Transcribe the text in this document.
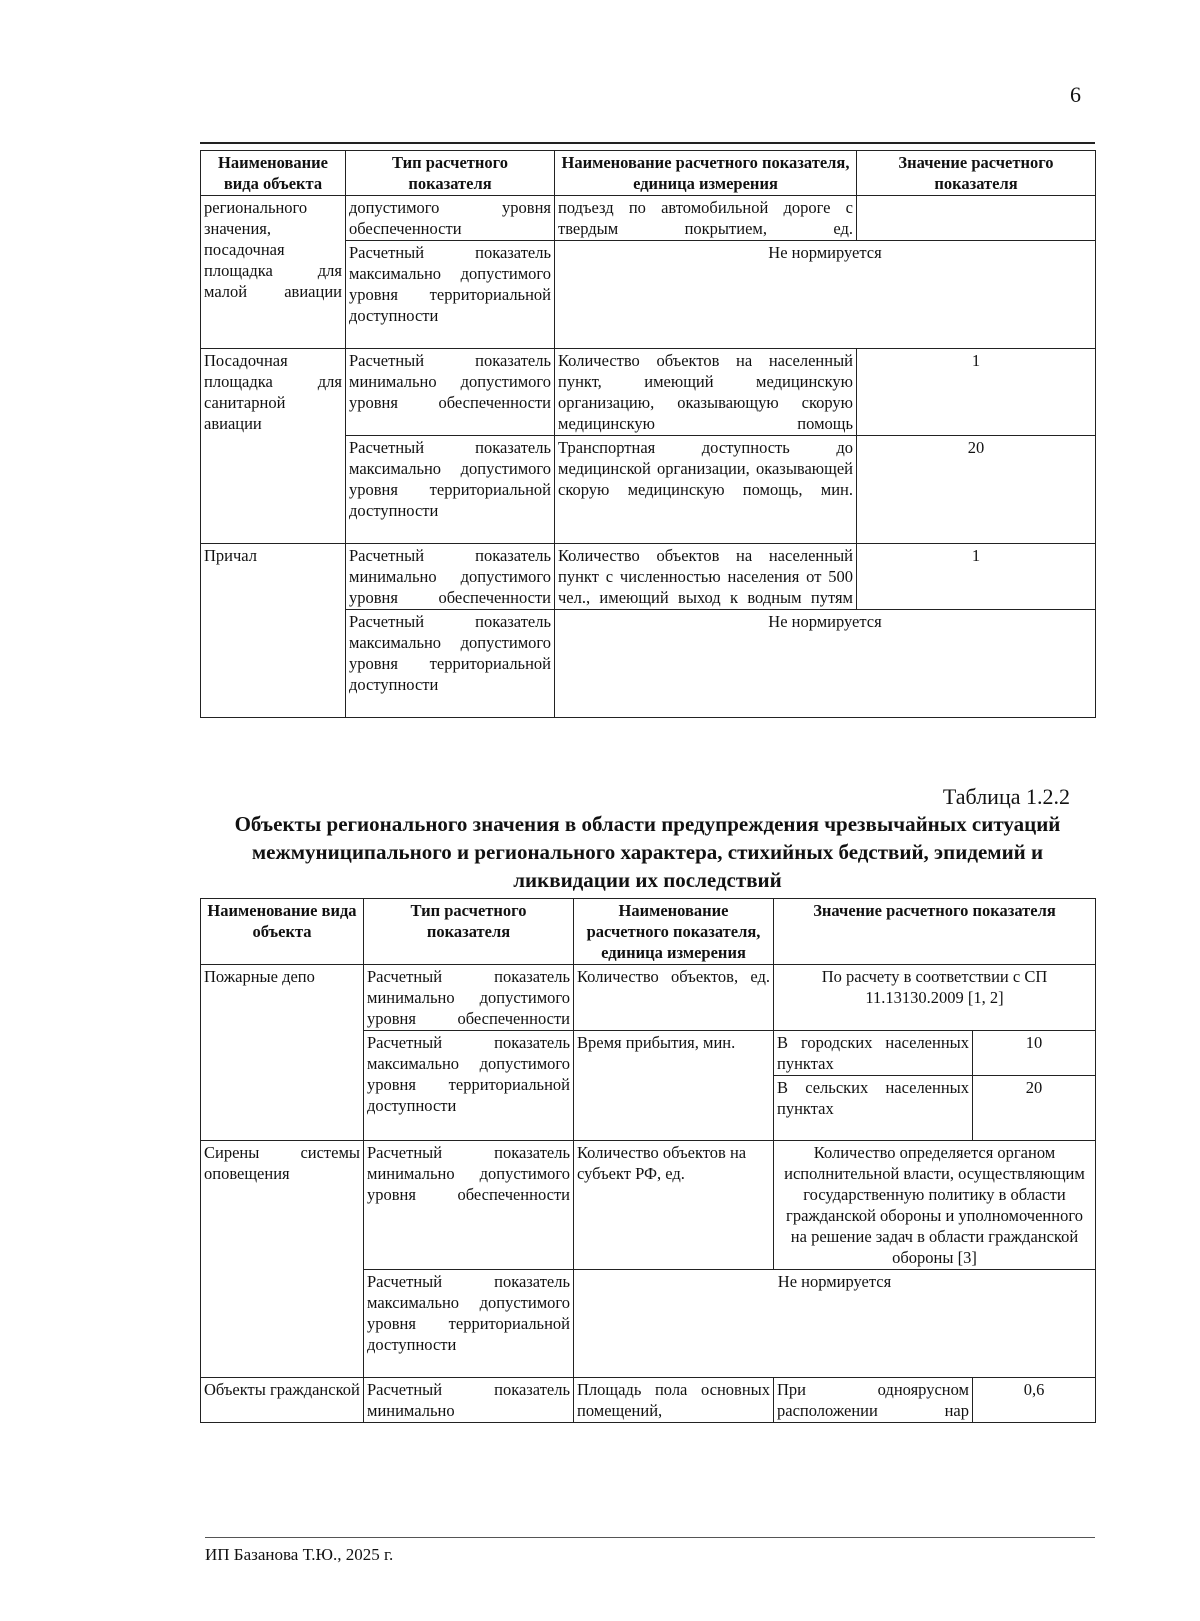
6
Наименование вида объекта	Тип расчетного показателя	Наименование расчетного показателя, единица измерения	Значение расчетного показателя
регионального значения, посадочная площадка для малой авиации	допустимого уровня обеспеченности	подъезд по автомобильной дороге с твердым покрытием, ед.	
	Расчетный показатель максимально допустимого уровня территориальной доступности	Не нормируется	
Посадочная площадка для санитарной авиации	Расчетный показатель минимально допустимого уровня обеспеченности	Количество объектов на населенный пункт, имеющий медицинскую организацию, оказывающую скорую медицинскую помощь	1
	Расчетный показатель максимально допустимого уровня территориальной доступности	Транспортная доступность до медицинской организации, оказывающей скорую медицинскую помощь, мин.	20
Причал	Расчетный показатель минимально допустимого уровня обеспеченности	Количество объектов на населенный пункт с численностью населения от 500 чел., имеющий выход к водным путям	1
	Расчетный показатель максимально допустимого уровня территориальной доступности	Не нормируется	
Таблица 1.2.2
Объекты регионального значения в области предупреждения чрезвычайных ситуаций межмуниципального и регионального характера, стихийных бедствий, эпидемий и ликвидации их последствий
Наименование вида объекта	Тип расчетного показателя	Наименование расчетного показателя, единица измерения	Значение расчетного показателя	
Пожарные депо	Расчетный показатель минимально допустимого уровня обеспеченности	Количество объектов, ед.	По расчету в соответствии с СП 11.13130.2009 [1, 2]	
	Расчетный показатель максимально допустимого уровня территориальной доступности	Время прибытия, мин.	В городских населенных пунктах	10
			В сельских населенных пунктах	20
Сирены системы оповещения	Расчетный показатель минимально допустимого уровня обеспеченности	Количество объектов на субъект РФ, ед.	Количество определяется органом исполнительной власти, осуществляющим государственную политику в области гражданской обороны и уполномоченного на решение задач в области гражданской обороны [3]	
	Расчетный показатель максимально допустимого уровня территориальной доступности	Не нормируется		
Объекты гражданской	Расчетный показатель минимально	Площадь пола основных помещений,	При одноярусном расположении нар	0,6
ИП Базанова Т.Ю., 2025 г.
